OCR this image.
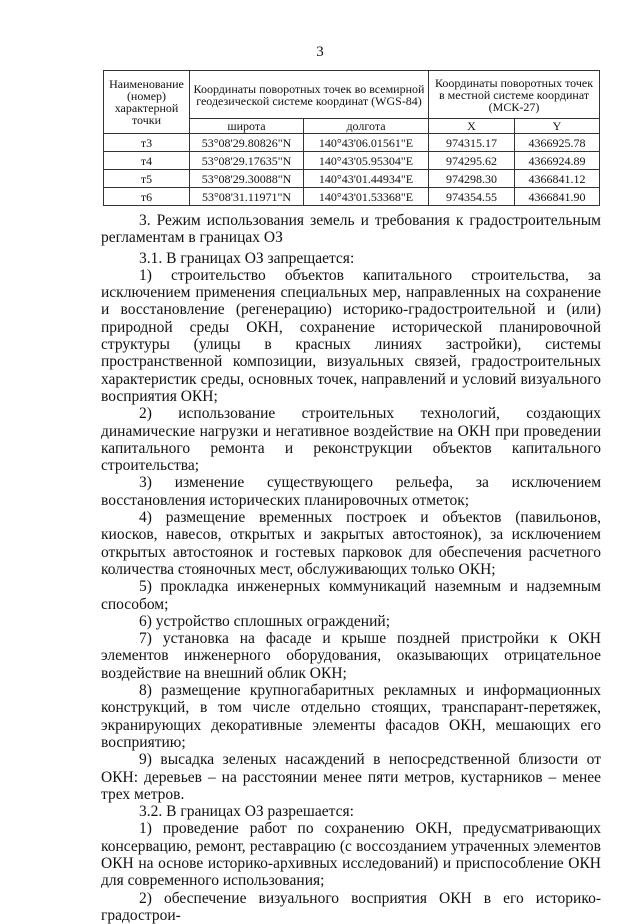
3
Наименование (номер) характерной точки	Координаты поворотных точек во всемирной геодезической системе координат (WGS-84)		Координаты поворотных точек в местной системе координат (МСК-27)	
	широта	долгота	X	Y
т3	53°08'29.80826"N	140°43'06.01561"E	974315.17	4366925.78
т4	53°08'29.17635"N	140°43'05.95304"E	974295.62	4366924.89
т5	53°08'29.30088"N	140°43'01.44934"E	974298.30	4366841.12
т6	53°08'31.11971"N	140°43'01.53368"E	974354.55	4366841.90

3. Режим использования земель и требования к градостроительным регламентам в границах ОЗ

3.1. В границах ОЗ запрещается:

1) строительство объектов капитального строительства, за исключением применения специальных мер, направленных на сохранение и восстановление (регенерацию) историко-градостроительной и (или) природной среды ОКН, сохранение исторической планировочной структуры (улицы в красных линиях застройки), системы пространственной композиции, визуальных связей, градостроительных характеристик среды, основных точек, направлений и условий визуального восприятия ОКН;

2) использование строительных технологий, создающих динамические нагрузки и негативное воздействие на ОКН при проведении капитального ремонта и реконструкции объектов капитального строительства;

3) изменение существующего рельефа, за исключением восстановления исторических планировочных отметок;

4) размещение временных построек и объектов (павильонов, киосков, навесов, открытых и закрытых автостоянок), за исключением открытых автостоянок и гостевых парковок для обеспечения расчетного количества стояночных мест, обслуживающих только ОКН;

5) прокладка инженерных коммуникаций наземным и надземным способом;

6) устройство сплошных ограждений;

7) установка на фасаде и крыше поздней пристройки к ОКН элементов инженерного оборудования, оказывающих отрицательное воздействие на внешний облик ОКН;

8) размещение крупногабаритных рекламных и информационных конструкций, в том числе отдельно стоящих, транспарант-перетяжек, экранирующих декоративные элементы фасадов ОКН, мешающих его восприятию;

9) высадка зеленых насаждений в непосредственной близости от ОКН: деревьев – на расстоянии менее пяти метров, кустарников – менее трех метров.

3.2. В границах ОЗ разрешается:

1) проведение работ по сохранению ОКН, предусматривающих консервацию, ремонт, реставрацию (с воссозданием утраченных элементов ОКН на основе историко-архивных исследований) и приспособление ОКН для современного использования;

2) обеспечение визуального восприятия ОКН в его историко-градострои-
